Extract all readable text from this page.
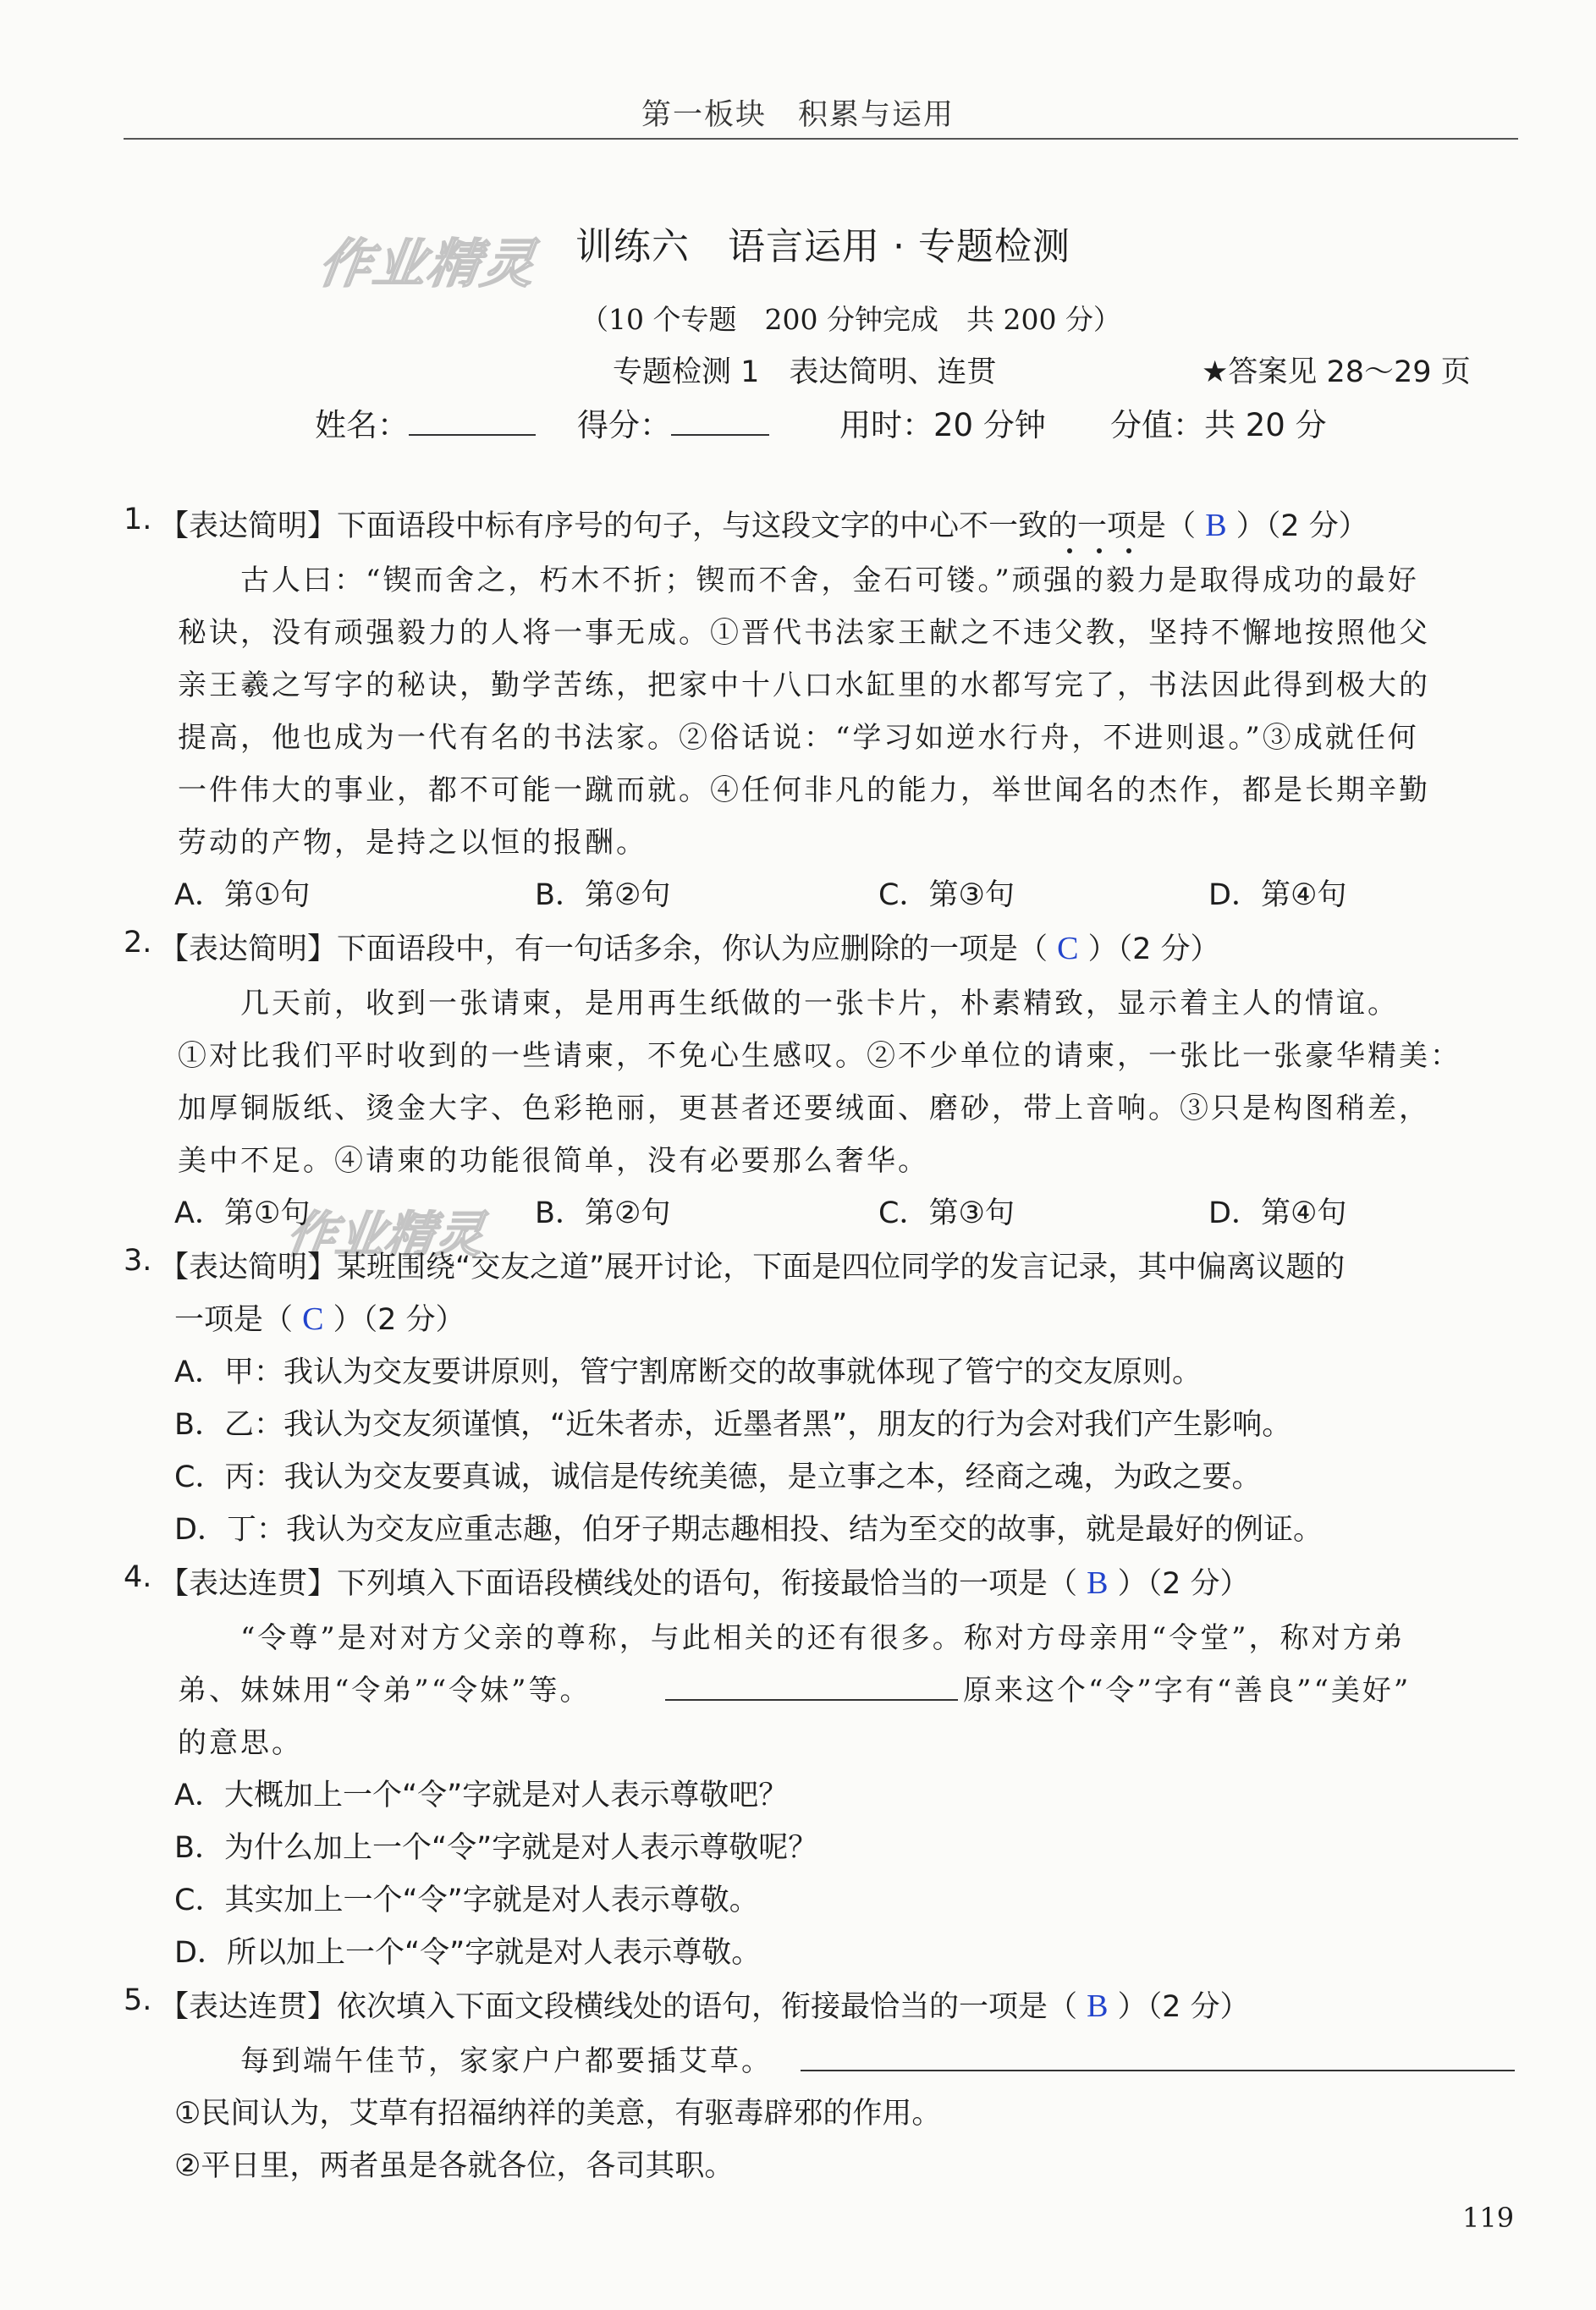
第一板块　积累与运用
作业精灵
作业精灵
训练六　语言运用 · 专题检测
（10 个专题　200 分钟完成　共 200 分）
专题检测 1　表达简明、连贯	★答案见 28～29 页
姓名：	得分：	用时：20 分钟 分值：共 20 分
1. 【表达简明】下面语段中标有序号的句子，与这段文字的中心不一致的一项是（ B ）（2 分）
古人曰：“锲而舍之，朽木不折；锲而不舍，金石可镂。”顽强的毅力是取得成功的最好
秘诀，没有顽强毅力的人将一事无成。①晋代书法家王献之不违父教，坚持不懈地按照他父
亲王羲之写字的秘诀，勤学苦练，把家中十八口水缸里的水都写完了，书法因此得到极大的
提高，他也成为一代有名的书法家。②俗话说：“学习如逆水行舟，不进则退。”③成就任何
一件伟大的事业，都不可能一蹴而就。④任何非凡的能力，举世闻名的杰作，都是长期辛勤
劳动的产物，是持之以恒的报酬。
A．第①句	B．第②句	C．第③句	D．第④句
2. 【表达简明】下面语段中，有一句话多余，你认为应删除的一项是（ C ）（2 分）
几天前，收到一张请柬，是用再生纸做的一张卡片，朴素精致，显示着主人的情谊。
①对比我们平时收到的一些请柬，不免心生感叹。②不少单位的请柬，一张比一张豪华精美：
加厚铜版纸、烫金大字、色彩艳丽，更甚者还要绒面、磨砂，带上音响。③只是构图稍差，
美中不足。④请柬的功能很简单，没有必要那么奢华。
A．第①句	B．第②句	C．第③句	D．第④句
3. 【表达简明】某班围绕“交友之道”展开讨论，下面是四位同学的发言记录，其中偏离议题的
一项是（ C ）（2 分）
A．甲：我认为交友要讲原则，管宁割席断交的故事就体现了管宁的交友原则。
B．乙：我认为交友须谨慎，“近朱者赤，近墨者黑”，朋友的行为会对我们产生影响。
C．丙：我认为交友要真诚，诚信是传统美德，是立事之本，经商之魂，为政之要。
D．丁：我认为交友应重志趣，伯牙子期志趣相投、结为至交的故事，就是最好的例证。
4. 【表达连贯】下列填入下面语段横线处的语句，衔接最恰当的一项是（ B ）（2 分）
“令尊”是对对方父亲的尊称，与此相关的还有很多。称对方母亲用“令堂”，称对方弟
弟、妹妹用“令弟”“令妹”等。	原来这个“令”字有“善良”“美好”
的意思。
A．大概加上一个“令”字就是对人表示尊敬吧？
B．为什么加上一个“令”字就是对人表示尊敬呢？
C．其实加上一个“令”字就是对人表示尊敬。
D．所以加上一个“令”字就是对人表示尊敬。
5. 【表达连贯】依次填入下面文段横线处的语句，衔接最恰当的一项是（ B ）（2 分）
每到端午佳节，家家户户都要插艾草。
①民间认为，艾草有招福纳祥的美意，有驱毒辟邪的作用。
②平日里，两者虽是各就各位，各司其职。
119
